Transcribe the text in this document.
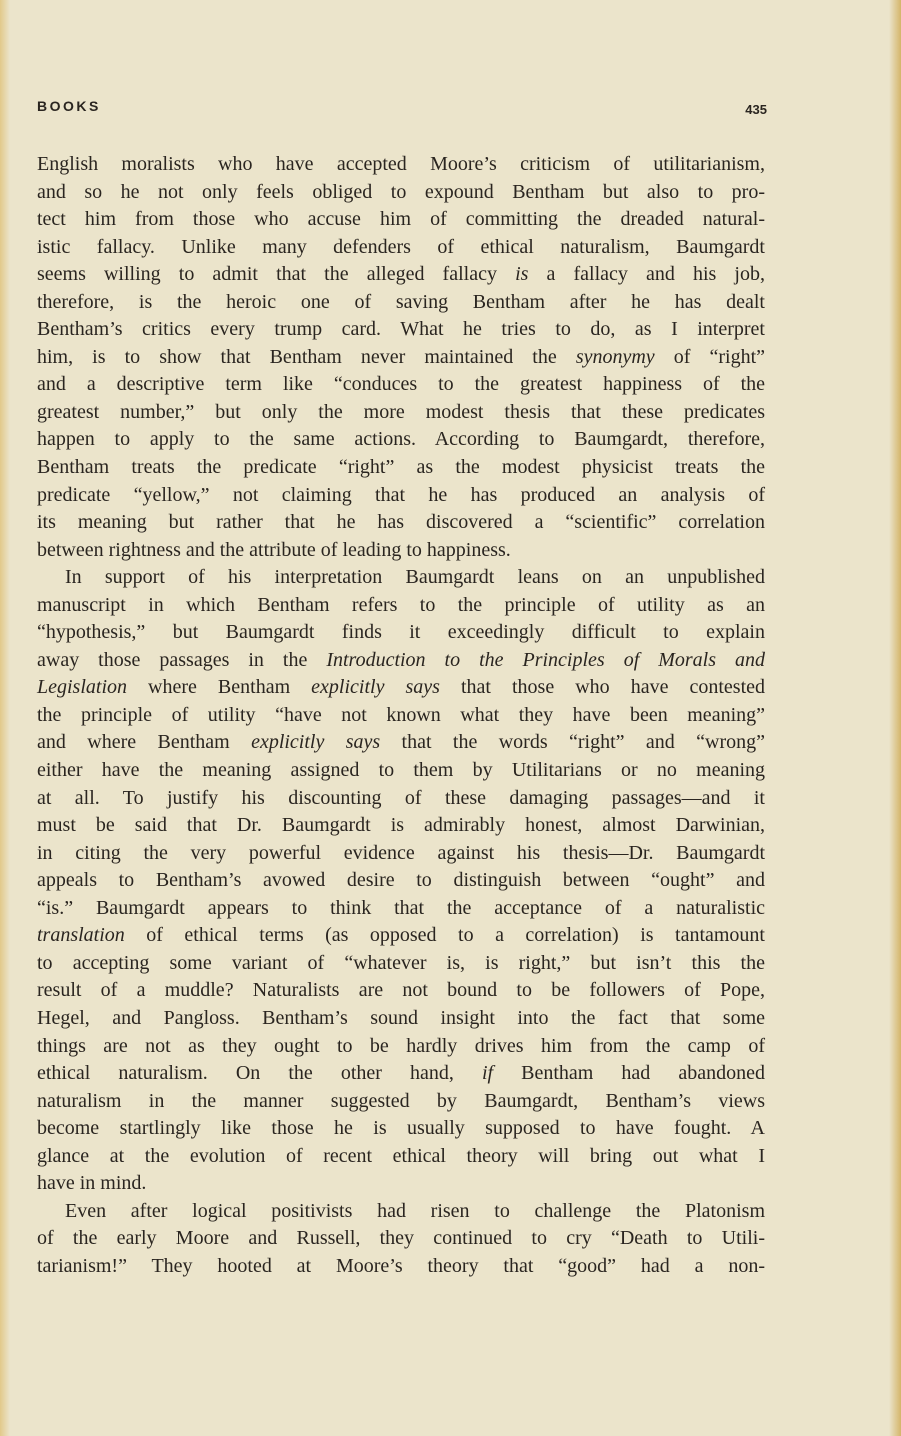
BOOKS	435
English moralists who have accepted Moore’s criticism of utilitarianism,
and so he not only feels obliged to expound Bentham but also to pro-
tect him from those who accuse him of committing the dreaded natural-
istic fallacy. Unlike many defenders of ethical naturalism, Baumgardt
seems willing to admit that the alleged fallacy is a fallacy and his job,
therefore, is the heroic one of saving Bentham after he has dealt
Bentham’s critics every trump card. What he tries to do, as I interpret
him, is to show that Bentham never maintained the synonymy of “right”
and a descriptive term like “conduces to the greatest happiness of the
greatest number,” but only the more modest thesis that these predicates
happen to apply to the same actions. According to Baumgardt, therefore,
Bentham treats the predicate “right” as the modest physicist treats the
predicate “yellow,” not claiming that he has produced an analysis of
its meaning but rather that he has discovered a “scientific” correlation
between rightness and the attribute of leading to happiness.
In support of his interpretation Baumgardt leans on an unpublished
manuscript in which Bentham refers to the principle of utility as an
“hypothesis,” but Baumgardt finds it exceedingly difficult to explain
away those passages in the Introduction to the Principles of Morals and
Legislation where Bentham explicitly says that those who have contested
the principle of utility “have not known what they have been meaning”
and where Bentham explicitly says that the words “right” and “wrong”
either have the meaning assigned to them by Utilitarians or no meaning
at all. To justify his discounting of these damaging passages—and it
must be said that Dr. Baumgardt is admirably honest, almost Darwinian,
in citing the very powerful evidence against his thesis—Dr. Baumgardt
appeals to Bentham’s avowed desire to distinguish between “ought” and
“is.” Baumgardt appears to think that the acceptance of a naturalistic
translation of ethical terms (as opposed to a correlation) is tantamount
to accepting some variant of “whatever is, is right,” but isn’t this the
result of a muddle? Naturalists are not bound to be followers of Pope,
Hegel, and Pangloss. Bentham’s sound insight into the fact that some
things are not as they ought to be hardly drives him from the camp of
ethical naturalism. On the other hand, if Bentham had abandoned
naturalism in the manner suggested by Baumgardt, Bentham’s views
become startlingly like those he is usually supposed to have fought. A
glance at the evolution of recent ethical theory will bring out what I
have in mind.
Even after logical positivists had risen to challenge the Platonism
of the early Moore and Russell, they continued to cry “Death to Utili-
tarianism!” They hooted at Moore’s theory that “good” had a non-
